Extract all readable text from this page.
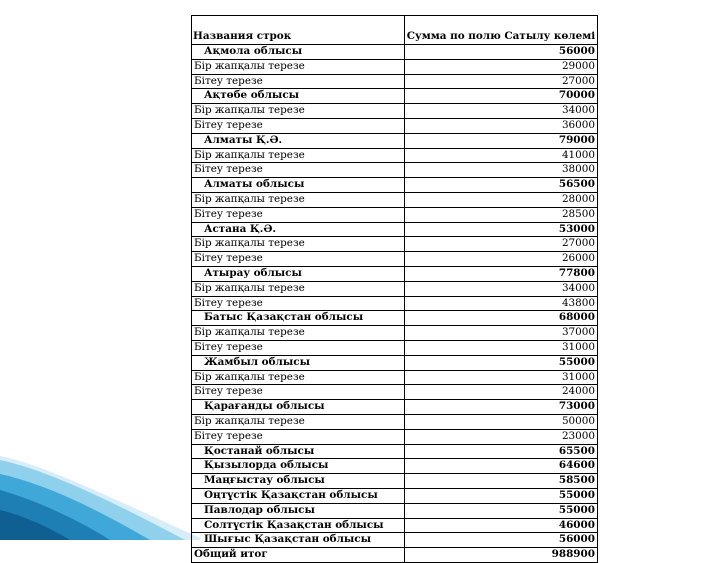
Названия строк	Сумма по полю Сатылу көлемі
Ақмола облысы	56000
Бір жапқалы терезе	29000
Бітеу терезе	27000
Ақтөбе облысы	70000
Бір жапқалы терезе	34000
Бітеу терезе	36000
Алматы Қ.Ә.	79000
Бір жапқалы терезе	41000
Бітеу терезе	38000
Алматы облысы	56500
Бір жапқалы терезе	28000
Бітеу терезе	28500
Астана Қ.Ә.	53000
Бір жапқалы терезе	27000
Бітеу терезе	26000
Атырау облысы	77800
Бір жапқалы терезе	34000
Бітеу терезе	43800
Батыс Қазақстан облысы	68000
Бір жапқалы терезе	37000
Бітеу терезе	31000
Жамбыл облысы	55000
Бір жапқалы терезе	31000
Бітеу терезе	24000
Қарағанды облысы	73000
Бір жапқалы терезе	50000
Бітеу терезе	23000
Қостанай облысы	65500
Қызылорда облысы	64600
Маңғыстау облысы	58500
Оңтүстік Қазақстан облысы	55000
Павлодар облысы	55000
Солтүстік Қазақстан облысы	46000
Шығыс Қазақстан облысы	56000
Общий итог	988900
